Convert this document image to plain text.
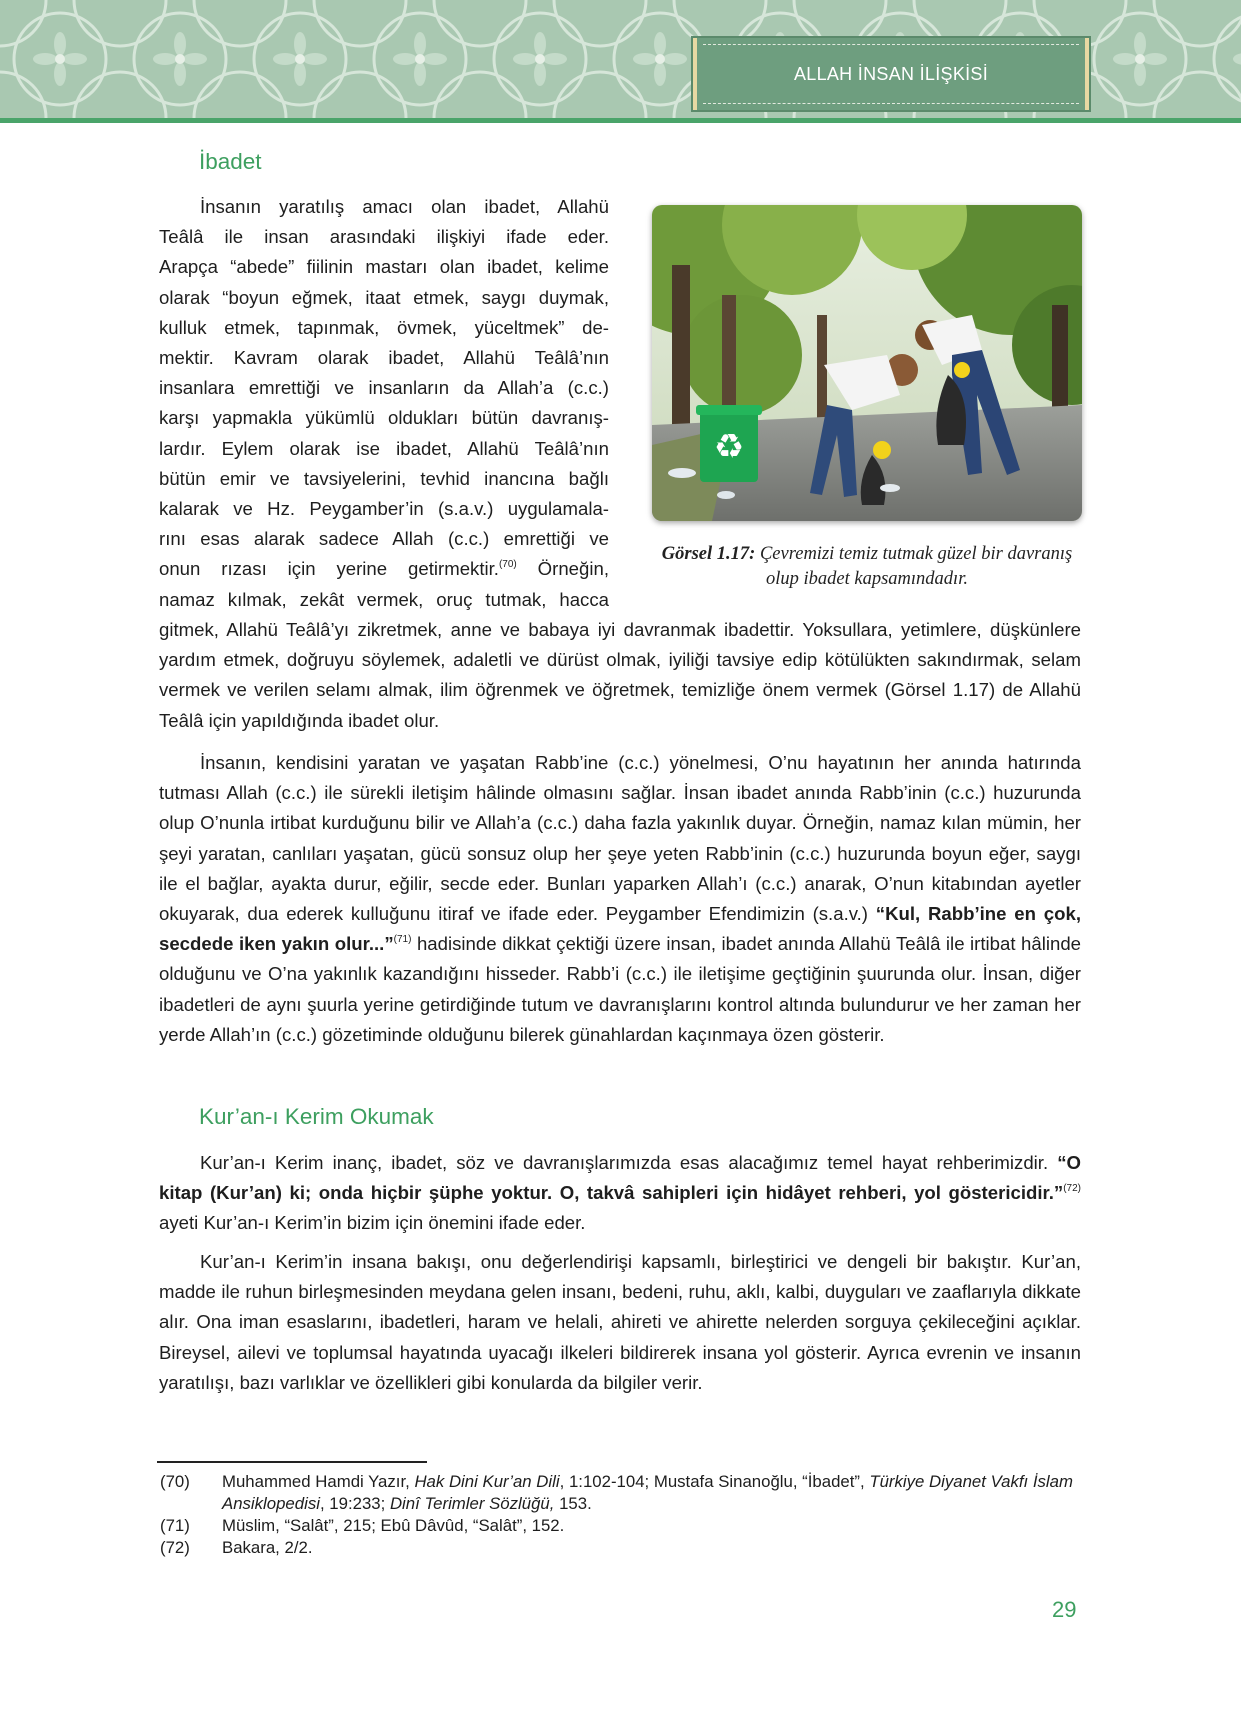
ALLAH İNSAN İLİŞKİSİ
İbadet
İnsanın yaratılış amacı olan ibadet, Allahü
Teâlâ ile insan arasındaki ilişkiyi ifade eder.
Arapça “abede” fiilinin mastarı olan ibadet, kelime
olarak “boyun eğmek, itaat etmek, saygı duymak,
kulluk etmek, tapınmak, övmek, yüceltmek” de-
mektir. Kavram olarak ibadet, Allahü Teâlâ’nın
insanlara emrettiği ve insanların da Allah’a (c.c.)
karşı yapmakla yükümlü oldukları bütün davranış-
lardır. Eylem olarak ise ibadet, Allahü Teâlâ’nın
bütün emir ve tavsiyelerini, tevhid inancına bağlı
kalarak ve Hz. Peygamber’in (s.a.v.) uygulamala-
rını esas alarak sadece Allah (c.c.) emrettiği ve
onun rızası için yerine getirmektir.$^{(70)}$ Örneğin,
namaz kılmak, zekât vermek, oruç tutmak, hacca
gitmek, Allahü Teâlâ’yı zikretmek, anne ve babaya iyi davranmak ibadettir. Yoksullara, yetimlere, düşkünlere yardım etmek, doğruyu söylemek, adaletli ve dürüst olmak, iyiliği tavsiye edip kötülükten sakındırmak, selam vermek ve verilen selamı almak, ilim öğrenmek ve öğretmek, temizliğe önem vermek (Görsel 1.17) de Allahü Teâlâ için yapıldığında ibadet olur.
♻
Görsel 1.17: Çevremizi temiz tutmak güzel bir davranış olup ibadet kapsamındadır.
İnsanın, kendisini yaratan ve yaşatan Rabb’ine (c.c.) yönelmesi, O’nu hayatının her anında hatırında tutması Allah (c.c.) ile sürekli iletişim hâlinde olmasını sağlar. İnsan ibadet anında Rabb’inin (c.c.) huzurunda olup O’nunla irtibat kurduğunu bilir ve Allah’a (c.c.) daha fazla yakınlık duyar. Örneğin, namaz kılan mümin, her şeyi yaratan, canlıları yaşatan, gücü sonsuz olup her şeye yeten Rabb’inin (c.c.) huzurunda boyun eğer, saygı ile el bağlar, ayakta durur, eğilir, secde eder. Bunları yaparken Allah’ı (c.c.) anarak, O’nun kitabından ayetler okuyarak, dua ederek kulluğunu itiraf ve ifade eder. Peygamber Efendimizin (s.a.v.) “Kul, Rabb’ine en çok, secdede iken yakın olur...”$^{(71)}$ hadisinde dikkat çektiği üzere insan, ibadet anında Allahü Teâlâ ile irtibat hâlinde olduğunu ve O’na yakınlık kazandığını hisseder. Rabb’i (c.c.) ile iletişime geçtiğinin şuurunda olur. İnsan, diğer ibadetleri de aynı şuurla yerine getirdiğinde tutum ve davranışlarını kontrol altında bulundurur ve her zaman her yerde Allah’ın (c.c.) gözetiminde olduğunu bilerek günahlardan kaçınmaya özen gösterir.
Kur’an-ı Kerim Okumak
Kur’an-ı Kerim inanç, ibadet, söz ve davranışlarımızda esas alacağımız temel hayat rehberimizdir. “O kitap (Kur’an) ki; onda hiçbir şüphe yoktur. O, takvâ sahipleri için hidâyet rehberi, yol göstericidir.”$^{(72)}$ ayeti Kur’an-ı Kerim’in bizim için önemini ifade eder.
Kur’an-ı Kerim’in insana bakışı, onu değerlendirişi kapsamlı, birleştirici ve dengeli bir bakıştır. Kur’an, madde ile ruhun birleşmesinden meydana gelen insanı, bedeni, ruhu, aklı, kalbi, duyguları ve zaaflarıyla dikkate alır. Ona iman esaslarını, ibadetleri, haram ve helali, ahireti ve ahirette nelerden sorguya çekileceğini açıklar. Bireysel, ailevi ve toplumsal hayatında uyacağı ilkeleri bildirerek insana yol gösterir. Ayrıca evrenin ve insanın yaratılışı, bazı varlıklar ve özellikleri gibi konularda da bilgiler verir.
(70)	Muhammed Hamdi Yazır, Hak Dini Kur’an Dili, 1:102-104; Mustafa Sinanoğlu, “İbadet”, Türkiye Diyanet Vakfı İslam Ansiklopedisi, 19:233; Dinî Terimler Sözlüğü, 153.
(71)	Müslim, “Salât”, 215; Ebû Dâvûd, “Salât”, 152.
(72)	Bakara, 2/2.
29
